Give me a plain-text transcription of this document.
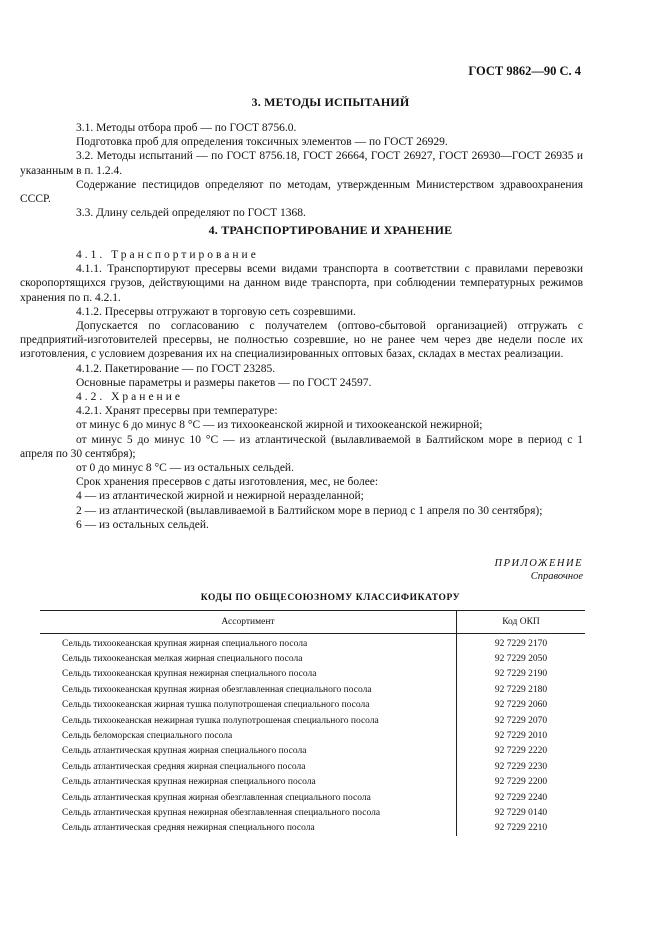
ГОСТ 9862—90 С. 4
3. МЕТОДЫ ИСПЫТАНИЙ

3.1. Методы отбора проб — по ГОСТ 8756.0.

Подготовка проб для определения токсичных элементов — по ГОСТ 26929.

3.2. Методы испытаний — по ГОСТ 8756.18, ГОСТ 26664, ГОСТ 26927, ГОСТ 26930—ГОСТ 26935 и указанным в п. 1.2.4.

Содержание пестицидов определяют по методам, утвержденным Министерством здравоохранения СССР.

3.3. Длину сельдей определяют по ГОСТ 1368.

4. ТРАНСПОРТИРОВАНИЕ И ХРАНЕНИЕ

4.1. Транспортирование

4.1.1. Транспортируют пресервы всеми видами транспорта в соответствии с правилами перевозки скоропортящихся грузов, действующими на данном виде транспорта, при соблюдении температурных режимов хранения по п. 4.2.1.

4.1.2. Пресервы отгружают в торговую сеть созревшими.

Допускается по согласованию с получателем (оптово-сбытовой организацией) отгружать с предприятий-изготовителей пресервы, не полностью созревшие, но не ранее чем через две недели после их изготовления, с условием дозревания их на специализированных оптовых базах, складах в местах реализации.

4.1.2. Пакетирование — по ГОСТ 23285.

Основные параметры и размеры пакетов — по ГОСТ 24597.

4.2. Хранение

4.2.1. Хранят пресервы при температуре:

от минус 6 до минус 8 °С — из тихоокеанской жирной и тихоокеанской нежирной;

от минус 5 до минус 10 °С — из атлантической (вылавливаемой в Балтийском море в период с 1 апреля по 30 сентября);

от 0 до минус 8 °С — из остальных сельдей.

Срок хранения пресервов с даты изготовления, мес, не более:

4 — из атлантической жирной и нежирной неразделанной;

2 — из атлантической (вылавливаемой в Балтийском море в период с 1 апреля по 30 сентября);

6 — из остальных сельдей.

ПРИЛОЖЕНИЕ
Справочное
КОДЫ ПО ОБЩЕСОЮЗНОМУ КЛАССИФИКАТОРУ
Ассортимент	Код ОКП
Сельдь тихоокеанская крупная жирная специального посола	92 7229 2170
Сельдь тихоокеанская мелкая жирная специального посола	92 7229 2050
Сельдь тихоокеанская крупная нежирная специального посола	92 7229 2190
Сельдь тихоокеанская крупная жирная обезглавленная специального посола	92 7229 2180
Сельдь тихоокеанская жирная тушка полупотрошеная специального посола	92 7229 2060
Сельдь тихоокеанская нежирная тушка полупотрошеная специального посола	92 7229 2070
Сельдь беломорская специального посола	92 7229 2010
Сельдь атлантическая крупная жирная специального посола	92 7229 2220
Сельдь атлантическая средняя жирная специального посола	92 7229 2230
Сельдь атлантическая крупная нежирная специального посола	92 7229 2200
Сельдь атлантическая крупная жирная обезглавленная специального посола	92 7229 2240
Сельдь атлантическая крупная нежирная обезглавленная специального посола	92 7229 0140
Сельдь атлантическая средняя нежирная специального посола	92 7229 2210
